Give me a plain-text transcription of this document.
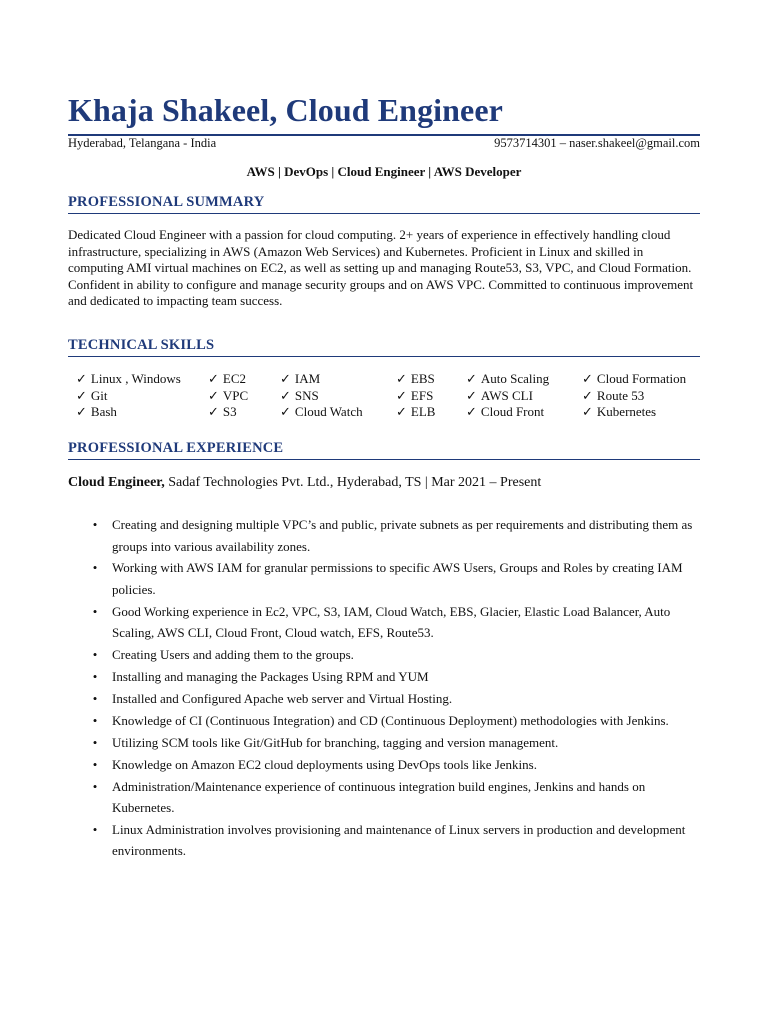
Khaja Shakeel, Cloud Engineer
Hyderabad, Telangana - India	9573714301 – naser.shakeel@gmail.com
AWS | DevOps | Cloud Engineer | AWS Developer
PROFESSIONAL SUMMARY
Dedicated Cloud Engineer with a passion for cloud computing. 2+ years of experience in effectively handling cloud infrastructure, specializing in AWS (Amazon Web Services) and Kubernetes. Proficient in Linux and skilled in computing AMI virtual machines on EC2, as well as setting up and managing Route53, S3, VPC, and Cloud Formation. Confident in ability to configure and manage security groups and on AWS VPC. Committed to continuous improvement and dedicated to impacting team success.
TECHNICAL SKILLS
✓ Linux , Windows
✓ Git
✓ Bash
✓ EC2
✓ VPC
✓ S3
✓ IAM
✓ SNS
✓ Cloud Watch
✓ EBS
✓ EFS
✓ ELB
✓ Auto Scaling
✓ AWS CLI
✓ Cloud Front
✓ Cloud Formation
✓ Route 53
✓ Kubernetes
PROFESSIONAL EXPERIENCE
Cloud Engineer, Sadaf Technologies Pvt. Ltd., Hyderabad, TS | Mar 2021 – Present
• Creating and designing multiple VPC’s and public, private subnets as per requirements and distributing them as groups into various availability zones.
• Working with AWS IAM for granular permissions to specific AWS Users, Groups and Roles by creating IAM policies.
• Good Working experience in Ec2, VPC, S3, IAM, Cloud Watch, EBS, Glacier, Elastic Load Balancer, Auto Scaling, AWS CLI, Cloud Front, Cloud watch, EFS, Route53.
• Creating Users and adding them to the groups.
• Installing and managing the Packages Using RPM and YUM
• Installed and Configured Apache web server and Virtual Hosting.
• Knowledge of CI (Continuous Integration) and CD (Continuous Deployment) methodologies with Jenkins.
• Utilizing SCM tools like Git/GitHub for branching, tagging and version management.
• Knowledge on Amazon EC2 cloud deployments using DevOps tools like Jenkins.
• Administration/Maintenance experience of continuous integration build engines, Jenkins and hands on Kubernetes.
• Linux Administration involves provisioning and maintenance of Linux servers in production and development environments.
